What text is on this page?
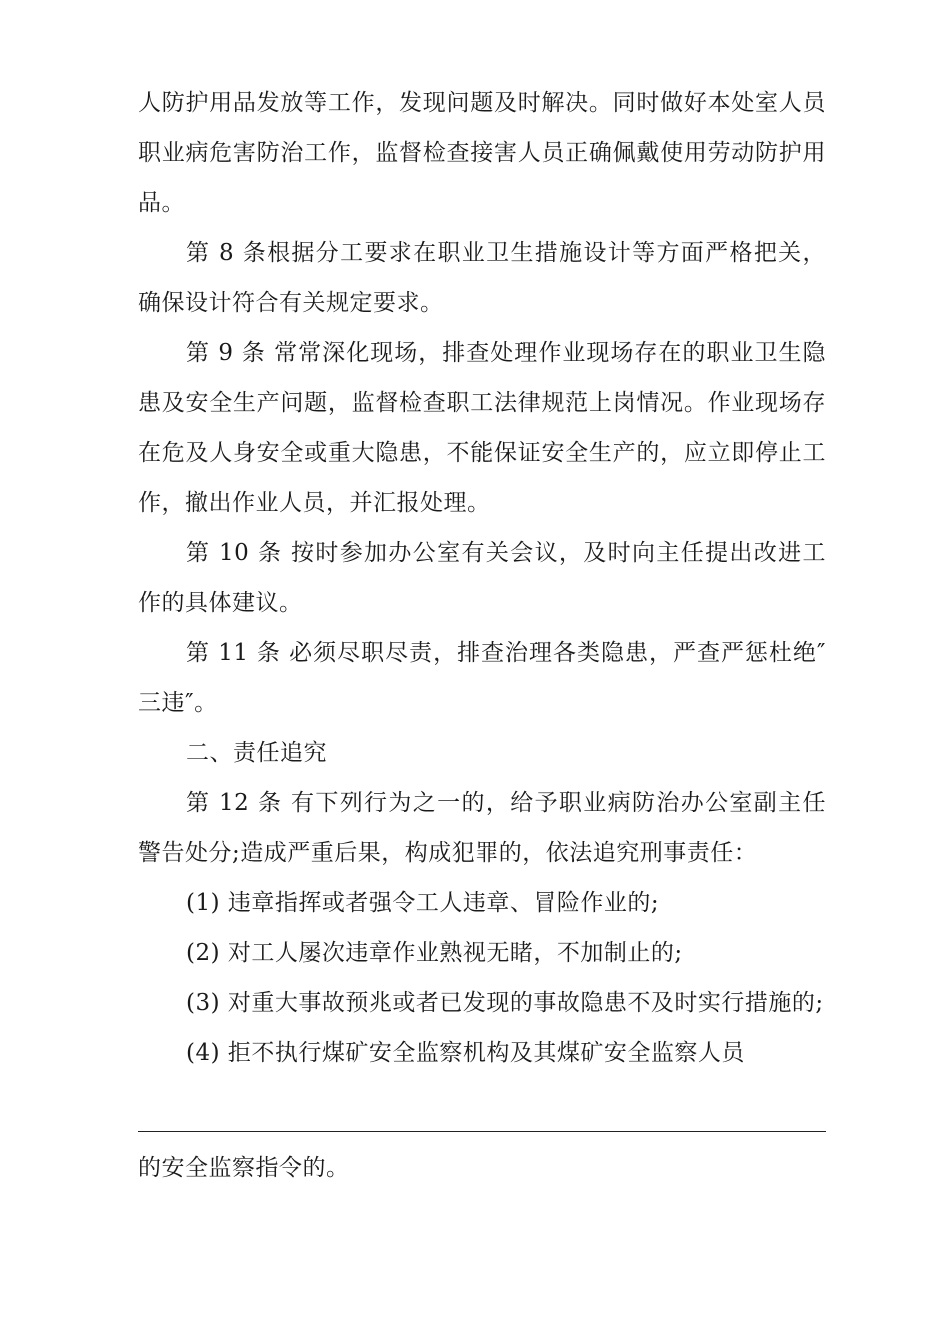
人防护用品发放等工作，发现问题及时解决。同时做好本处室人员职业病危害防治工作，监督检查接害人员正确佩戴使用劳动防护用品。

第 8 条根据分工要求在职业卫生措施设计等方面严格把关，确保设计符合有关规定要求。

第 9 条 常常深化现场，排查处理作业现场存在的职业卫生隐患及安全生产问题，监督检查职工法律规范上岗情况。作业现场存在危及人身安全或重大隐患，不能保证安全生产的，应立即停止工作，撤出作业人员，并汇报处理。

第 10 条 按时参加办公室有关会议，及时向主任提出改进工作的具体建议。

第 11 条 必须尽职尽责，排查治理各类隐患，严查严惩杜绝″三违″。

二、责任追究

第 12 条 有下列行为之一的，给予职业病防治办公室副主任警告处分;造成严重后果，构成犯罪的，依法追究刑事责任：

(1) 违章指挥或者强令工人违章、冒险作业的;

(2) 对工人屡次违章作业熟视无睹，不加制止的;

(3) 对重大事故预兆或者已发现的事故隐患不及时实行措施的;

(4) 拒不执行煤矿安全监察机构及其煤矿安全监察人员

的安全监察指令的。
